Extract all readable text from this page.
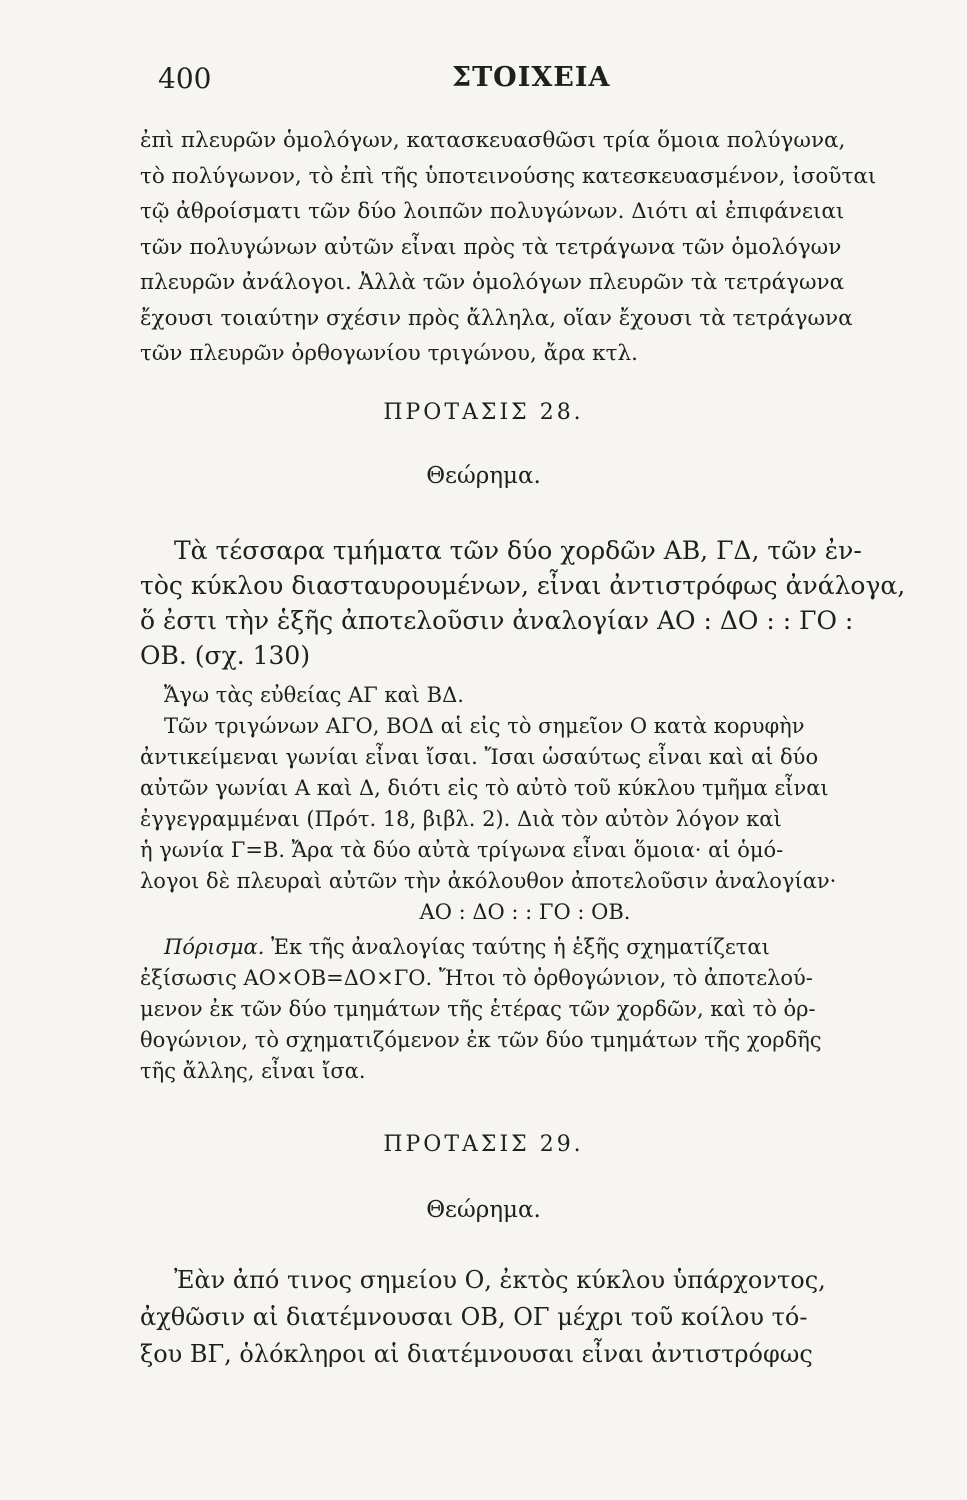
400	ΣΤΟΙΧΕΙΑ
ἐπὶ πλευρῶν ὁμολόγων, κατασκευασθῶσι τρία ὅμοια πολύγωνα,
τὸ πολύγωνον, τὸ ἐπὶ τῆς ὑποτεινούσης κατεσκευασμένον, ἰσοῦται
τῷ ἀθροίσματι τῶν δύο λοιπῶν πολυγώνων. Διότι αἱ ἐπιφάνειαι
τῶν πολυγώνων αὐτῶν εἶναι πρὸς τὰ τετράγωνα τῶν ὁμολόγων
πλευρῶν ἀνάλογοι. Ἀλλὰ τῶν ὁμολόγων πλευρῶν τὰ τετράγωνα
ἔχουσι τοιαύτην σχέσιν πρὸς ἄλληλα, οἵαν ἔχουσι τὰ τετράγωνα
τῶν πλευρῶν ὀρθογωνίου τριγώνου, ἄρα κτλ.
ΠΡΟΤΑΣΙΣ 28.
Θεώρημα.
Τὰ τέσσαρα τμήματα τῶν δύο χορδῶν ΑΒ, ΓΔ, τῶν ἐν-
τὸς κύκλου διασταυρουμένων, εἶναι ἀντιστρόφως ἀνάλογα,
ὅ ἐστι τὴν ἑξῆς ἀποτελοῦσιν ἀναλογίαν ΑΟ : ΔΟ : : ΓΟ :
ΟΒ. (σχ. 130)
Ἄγω τὰς εὐθείας ΑΓ καὶ ΒΔ.
Τῶν τριγώνων ΑΓΟ, ΒΟΔ αἱ εἰς τὸ σημεῖον Ο κατὰ κορυφὴν
ἀντικείμεναι γωνίαι εἶναι ἴσαι. Ἴσαι ὡσαύτως εἶναι καὶ αἱ δύο
αὐτῶν γωνίαι Α καὶ Δ, διότι εἰς τὸ αὐτὸ τοῦ κύκλου τμῆμα εἶναι
ἐγγεγραμμέναι (Πρότ. 18, βιβλ. 2). Διὰ τὸν αὐτὸν λόγον καὶ
ἡ γωνία Γ=Β. Ἄρα τὰ δύο αὐτὰ τρίγωνα εἶναι ὅμοια· αἱ ὁμό-
λογοι δὲ πλευραὶ αὐτῶν τὴν ἀκόλουθον ἀποτελοῦσιν ἀναλογίαν·
ΑΟ : ΔΟ : : ΓΟ : ΟΒ.
Πόρισμα. Ἐκ τῆς ἀναλογίας ταύτης ἡ ἑξῆς σχηματίζεται
ἐξίσωσις ΑΟ×ΟΒ=ΔΟ×ΓΟ. Ἤτοι τὸ ὀρθογώνιον, τὸ ἀποτελού-
μενον ἐκ τῶν δύο τμημάτων τῆς ἑτέρας τῶν χορδῶν, καὶ τὸ ὀρ-
θογώνιον, τὸ σχηματιζόμενον ἐκ τῶν δύο τμημάτων τῆς χορδῆς
τῆς ἄλλης, εἶναι ἴσα.
ΠΡΟΤΑΣΙΣ 29.
Θεώρημα.
Ἐὰν ἀπό τινος σημείου Ο, ἐκτὸς κύκλου ὑπάρχοντος,
ἀχθῶσιν αἱ διατέμνουσαι ΟΒ, ΟΓ μέχρι τοῦ κοίλου τό-
ξου ΒΓ, ὁλόκληροι αἱ διατέμνουσαι εἶναι ἀντιστρόφως
